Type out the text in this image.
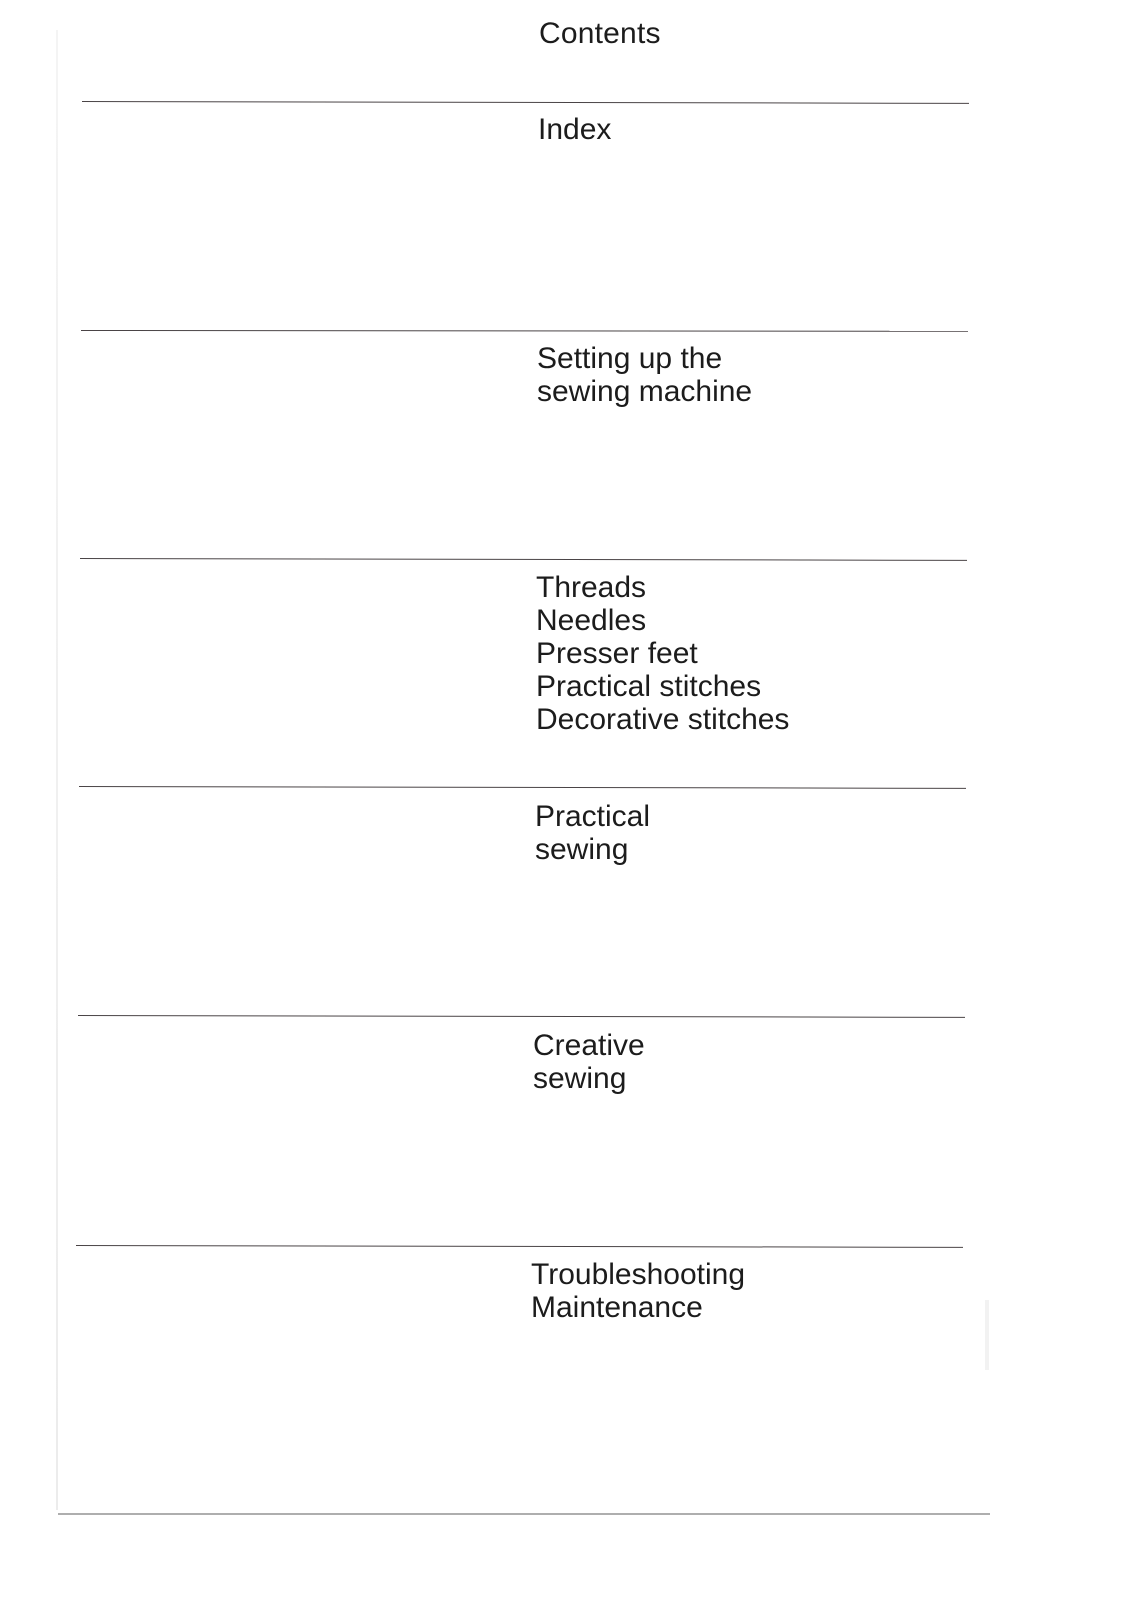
Contents
Index
Setting up the
sewing machine
Threads
Needles
Presser feet
Practical stitches
Decorative stitches
Practical
sewing
Creative
sewing
Troubleshooting
Maintenance
